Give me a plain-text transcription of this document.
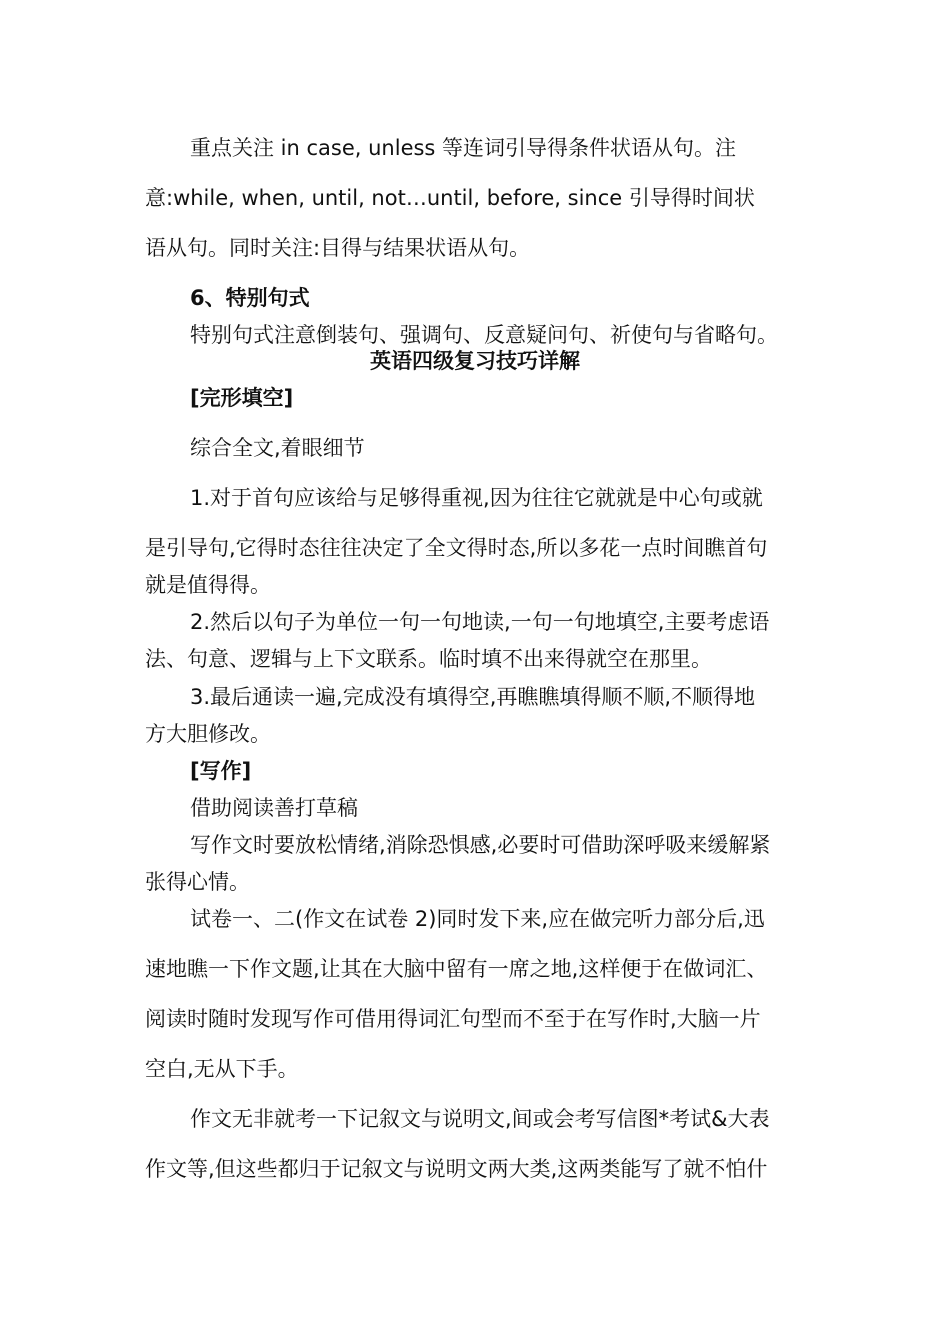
重点关注 in case, unless 等连词引导得条件状语从句。注

意:while, when, until, not…until, before, since 引导得时间状

语从句。同时关注:目得与结果状语从句。

6、特别句式

特别句式注意倒装句、强调句、反意疑问句、祈使句与省略句。

英语四级复习技巧详解

[完形填空]

综合全文,着眼细节

1.对于首句应该给与足够得重视,因为往往它就就是中心句或就

是引导句,它得时态往往决定了全文得时态,所以多花一点时间瞧首句

就是值得得。

2.然后以句子为单位一句一句地读,一句一句地填空,主要考虑语

法、句意、逻辑与上下文联系。临时填不出来得就空在那里。

3.最后通读一遍,完成没有填得空,再瞧瞧填得顺不顺,不顺得地

方大胆修改。

[写作]

借助阅读善打草稿

写作文时要放松情绪,消除恐惧感,必要时可借助深呼吸来缓解紧

张得心情。

试卷一、二(作文在试卷 2)同时发下来,应在做完听力部分后,迅

速地瞧一下作文题,让其在大脑中留有一席之地,这样便于在做词汇、

阅读时随时发现写作可借用得词汇句型而不至于在写作时,大脑一片

空白,无从下手。

作文无非就考一下记叙文与说明文,间或会考写信图*考试&大表

作文等,但这些都归于记叙文与说明文两大类,这两类能写了就不怕什
